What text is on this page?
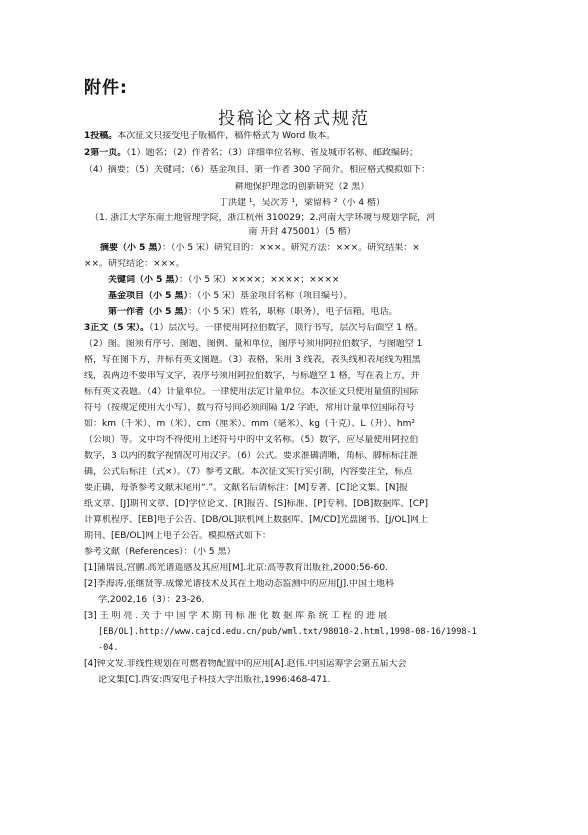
附件:
投稿论文格式规范
1投稿。本次征文只接受电子版稿件，稿件格式为 Word 版本。
2第一页。（1）题名；（2）作者名；（3）详细单位名称、省及城市名称、邮政编码；
（4）摘要；（5）关键词；（6）基金项目、第一作者 300 字简介。相应格式模拟如下：
耕地保护理念的创新研究（2 黑）
丁洪建 ¹，吴次芳 ¹，梁留科 ²（小 4 楷）
（1. 浙江大学东南土地管理学院，浙江杭州 310029；2.河南大学环境与规划学院，河
南 开封 475001）（5 楷）
摘要（小 5 黑）：（小 5 宋）研究目的：×××。研究方法：×××。研究结果：×
××。研究结论：×××。
关键词（小 5 黑）：（小 5 宋）××××；××××；××××
基金项目（小 5 黑）：（小 5 宋）基金项目名称（项目编号）。
第一作者（小 5 黑）：（小 5 宋）姓名，职称（职务），电子信箱，电话。
3正文（5 宋）。（1）层次号。一律使用阿拉伯数字，顶行书写，层次号后面空 1 格。
（2）图。图须有序号、图题、图例、量和单位，图序号须用阿拉伯数字，与图题空 1
格，写在图下方，并标有英文图题。（3）表格，采用 3 线表，表头线和表尾线为粗黑
线，表两边不要串写文字，表序号须用阿拉伯数字，与标题空 1 格，写在表上方，并
标有英文表题。（4）计量单位。一律使用法定计量单位。本次征文只使用量值的国际
符号（按规定使用大小写），数与符号间必须间隔 1/2 字距，常用计量单位国际符号
如：km（千米）、m（米）、cm（厘米）、mm（毫米）、kg（千克）、L（升）、hm²
（公顷）等。文中均不得使用上述符号中的中文名称。（5）数字，应尽量使用阿拉伯
数字，3 以内的数字视情况可用汉字。（6）公式。要求准确清晰，角标、脚标标注准
确，公式后标注（式×）。（7）参考文献。本次征文实行实引制，内容要注全，标点
要正确，每条参考文献末尾用“.”。文献名后请标注：[M]专著、[C]论文集、[N]报
纸文章、[J]期刊文章、[D]学位论文、[R]报告、[S]标准、[P]专利、[DB]数据库、[CP]
计算机程序、[EB]电子公告、[DB/OL]联机网上数据库、[M/CD]光盘图书、[J/OL]网上
期刊、[EB/OL]网上电子公告。模拟格式如下：
参考文献（References）：（小 5 黑）
[1]蒲瑞良,宫鹏.高光谱遥感及其应用[M].北京:高等教育出版社,2000:56-60.
[2]李海涛,张继贤等.成像光谱技术及其在土地动态监测中的应用[J].中国土地科
学,2002,16（3）：23-26.
[3] 王 明 亮 . 关 于 中 国 学 术 期 刊 标 准 化 数 据 库 系 统 工 程 的 进 展
[EB/OL].http://www.cajcd.edu.cn/pub/wml.txt/98010-2.html,1998-08-16/1998-1
-04.
[4]钟文发.非线性规划在可燃着物配置中的应用[A].赵伟.中国运筹学会第五届大会
论文集[C].西安:西安电子科技大学出版社,1996:468-471.
